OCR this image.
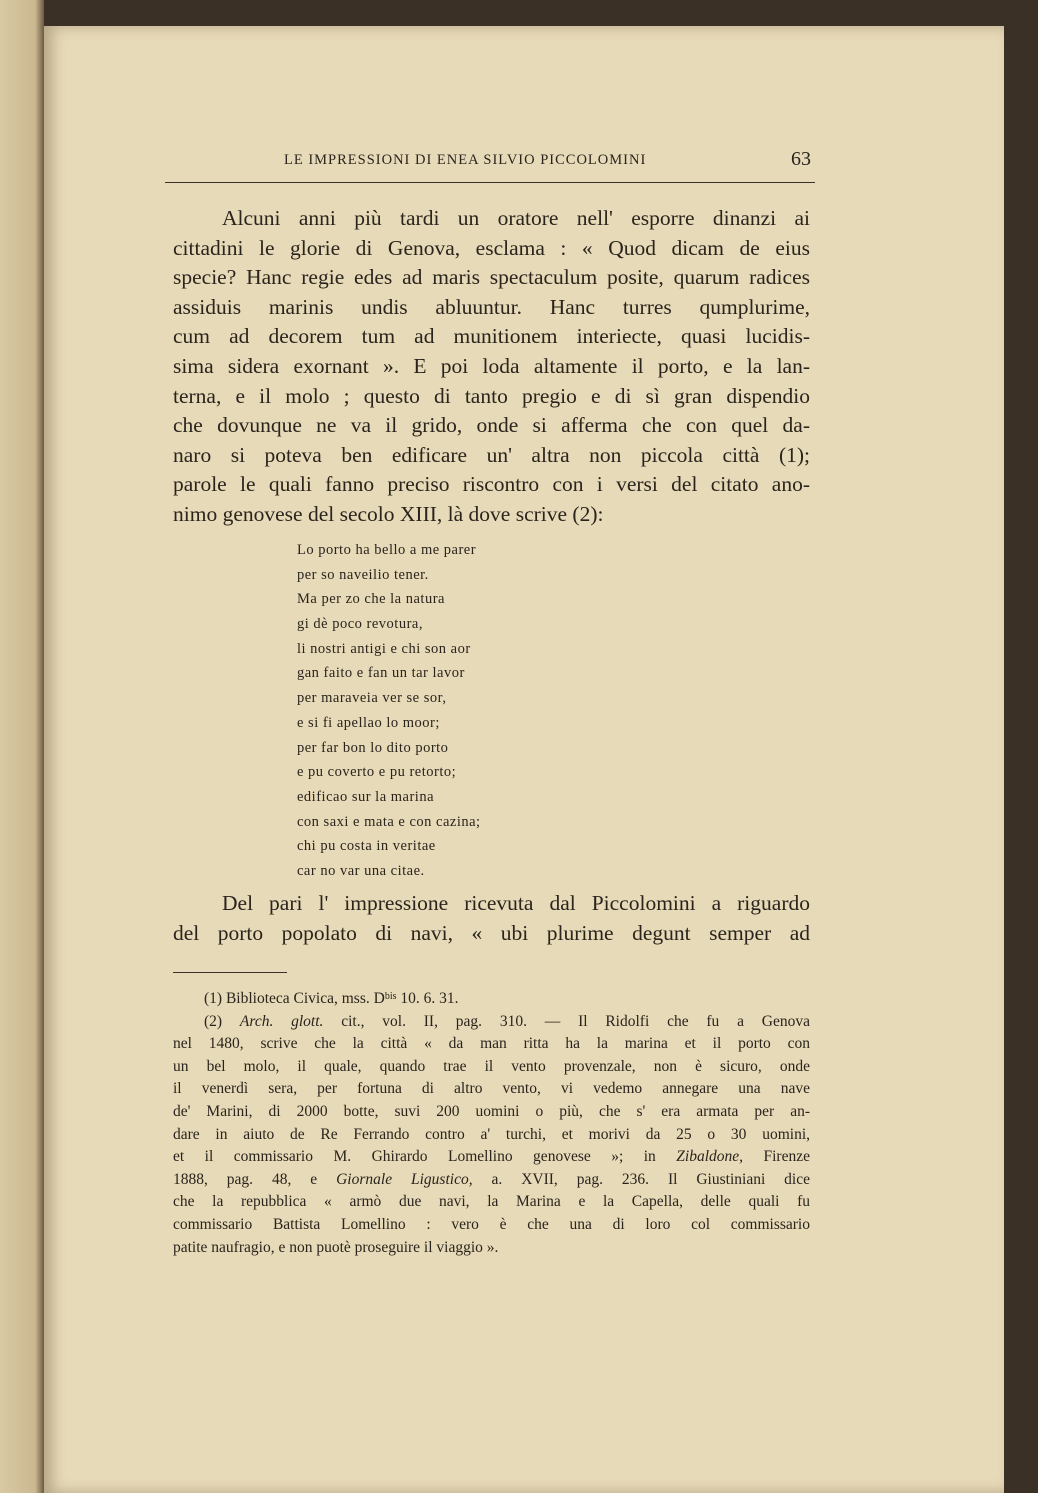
LE IMPRESSIONI DI ENEA SILVIO PICCOLOMINI	63
Alcuni anni più tardi un oratore nell' esporre dinanzi ai
cittadini le glorie di Genova, esclama : « Quod dicam de eius
specie? Hanc regie edes ad maris spectaculum posite, quarum radices
assiduis marinis undis abluuntur. Hanc turres qumplurime,
cum ad decorem tum ad munitionem interiecte, quasi lucidis-
sima sidera exornant ». E poi loda altamente il porto, e la lan-
terna, e il molo ; questo di tanto pregio e di sì gran dispendio
che dovunque ne va il grido, onde si afferma che con quel da-
naro si poteva ben edificare un' altra non piccola città (1);
parole le quali fanno preciso riscontro con i versi del citato ano-
nimo genovese del secolo XIII, là dove scrive (2):
Lo porto ha bello a me parer
per so naveilio tener.
Ma per zo che la natura
gi dè poco revotura,
li nostri antigi e chi son aor
gan faito e fan un tar lavor
per maraveia ver se sor,
e si fi apellao lo moor;
per far bon lo dito porto
e pu coverto e pu retorto;
edificao sur la marina
con saxi e mata e con cazina;
chi pu costa in veritae
car no var una citae.
Del pari l' impressione ricevuta dal Piccolomini a riguardo
del porto popolato di navi, « ubi plurime degunt semper ad
(1) Biblioteca Civica, mss. $D^{bis}$ 10. 6. 31.
(2) Arch. glott. cit., vol. II, pag. 310. — Il Ridolfi che fu a Genova
nel 1480, scrive che la città « da man ritta ha la marina et il porto con
un bel molo, il quale, quando trae il vento provenzale, non è sicuro, onde
il venerdì sera, per fortuna di altro vento, vi vedemo annegare una nave
de' Marini, di 2000 botte, suvi 200 uomini o più, che s' era armata per an-
dare in aiuto de Re Ferrando contro a' turchi, et morivi da 25 o 30 uomini,
et il commissario M. Ghirardo Lomellino genovese »; in Zibaldone, Firenze
1888, pag. 48, e Giornale Ligustico, a. XVII, pag. 236. Il Giustiniani dice
che la repubblica « armò due navi, la Marina e la Capella, delle quali fu
commissario Battista Lomellino : vero è che una di loro col commissario
patite naufragio, e non puotè proseguire il viaggio ».
